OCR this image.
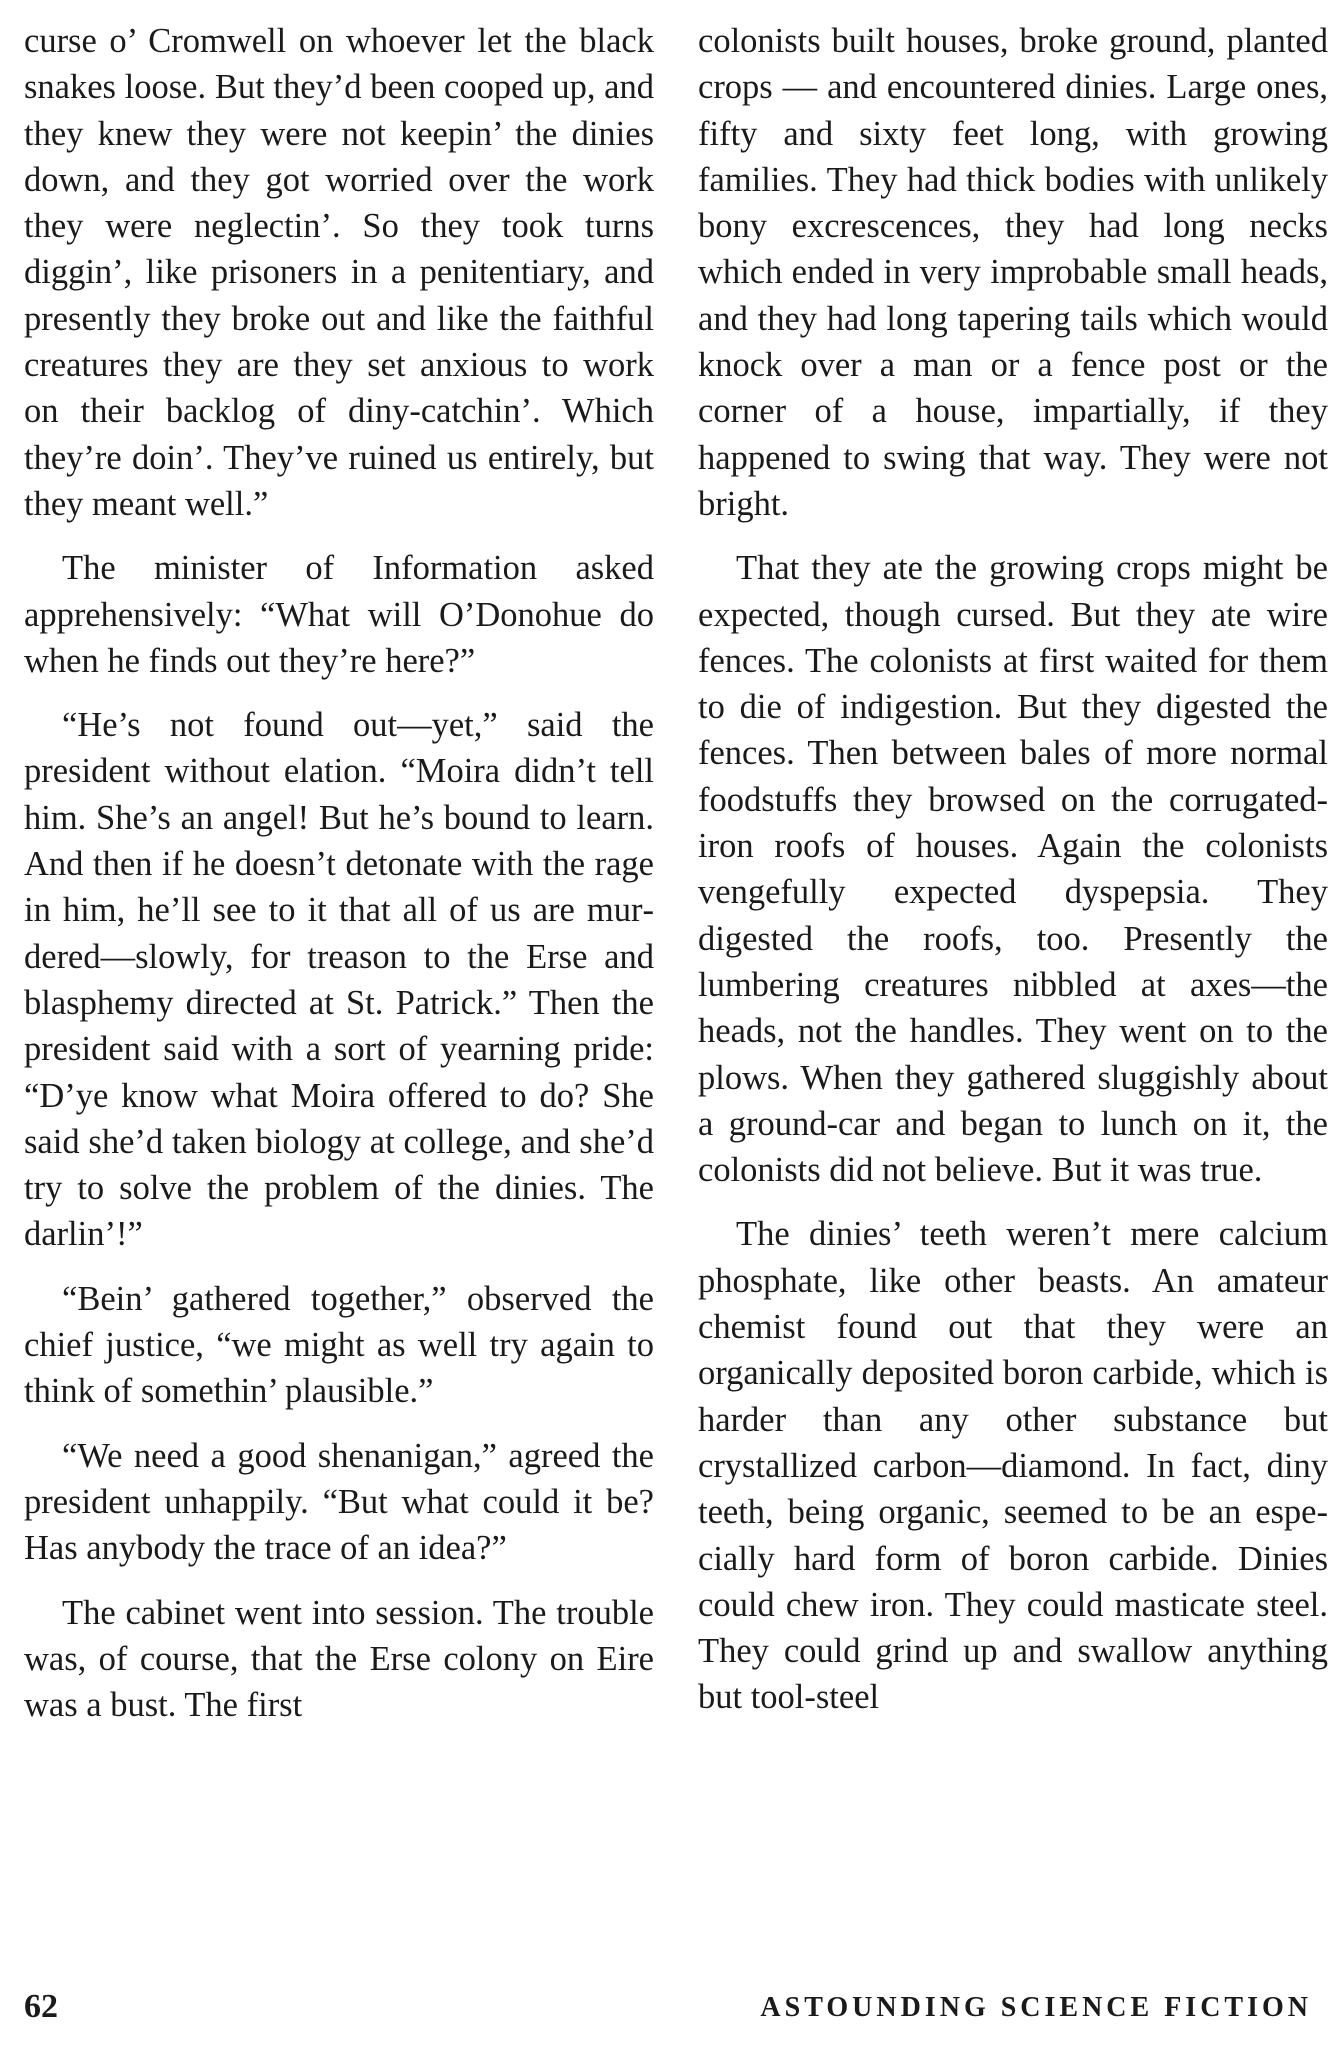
curse o’ Cromwell on whoever let the black snakes loose. But they’d been cooped up, and they knew they were not keepin’ the dinies down, and they got worried over the work they were neglectin’. So they took turns diggin’, like prisoners in a penitentiary, and presently they broke out and like the faithful creatures they are they set anxious to work on their backlog of diny-catchin’. Which they’re doin’. They’ve ruined us entirely, but they meant well.”

The minister of Information asked apprehensively: “What will O’Donohue do when he finds out they’re here?”

“He’s not found out—yet,” said the president without elation. “Moira didn’t tell him. She’s an angel! But he’s bound to learn. And then if he doesn’t detonate with the rage in him, he’ll see to it that all of us are murdered—slowly, for treason to the Erse and blasphemy directed at St. Patrick.” Then the president said with a sort of yearning pride: “D’ye know what Moira offered to do? She said she’d taken biology at college, and she’d try to solve the problem of the dinies. The darlin’!”

“Bein’ gathered together,” observed the chief justice, “we might as well try again to think of somethin’ plausible.”

“We need a good shenanigan,” agreed the president unhappily. “But what could it be? Has anybody the trace of an idea?”

The cabinet went into session. The trouble was, of course, that the Erse colony on Eire was a bust. The first

colonists built houses, broke ground, planted crops — and encountered dinies. Large ones, fifty and sixty feet long, with growing families. They had thick bodies with unlikely bony excrescences, they had long necks which ended in very improbable small heads, and they had long tapering tails which would knock over a man or a fence post or the corner of a house, impartially, if they happened to swing that way. They were not bright.

That they ate the growing crops might be expected, though cursed. But they ate wire fences. The colonists at first waited for them to die of indigestion. But they digested the fences. Then between bales of more normal foodstuffs they browsed on the corrugated-iron roofs of houses. Again the colonists vengefully expected dyspepsia. They digested the roofs, too. Presently the lumbering creatures nibbled at axes—the heads, not the handles. They went on to the plows. When they gathered sluggishly about a ground-car and began to lunch on it, the colonists did not believe. But it was true.

The dinies’ teeth weren’t mere calcium phosphate, like other beasts. An amateur chemist found out that they were an organically deposited boron carbide, which is harder than any other substance but crystallized carbon—diamond. In fact, diny teeth, being organic, seemed to be an especially hard form of boron carbide. Dinies could chew iron. They could masticate steel. They could grind up and swallow anything but tool-steel

62	ASTOUNDING SCIENCE FICTION
